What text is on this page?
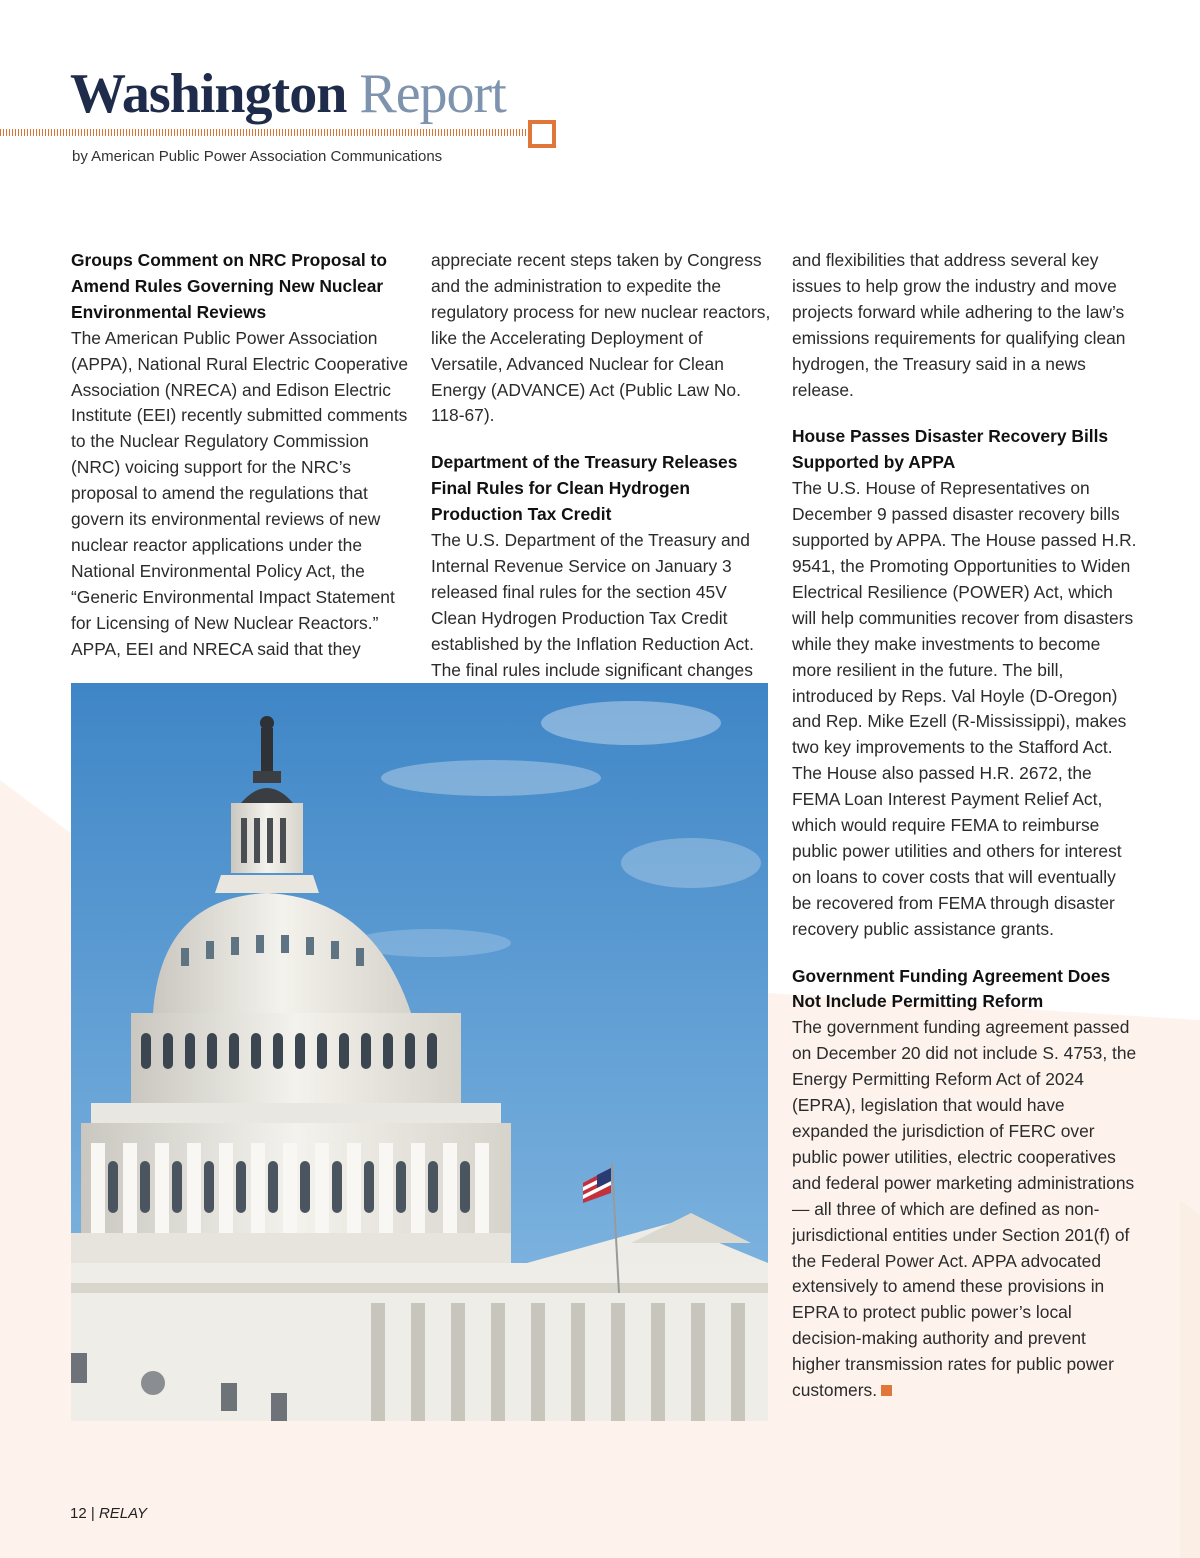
Washington Report
by American Public Power Association Communications
Groups Comment on NRC Proposal to Amend Rules Governing New Nuclear Environmental Reviews

The American Public Power Association (APPA), National Rural Electric Cooperative Association (NRECA) and Edison Electric Institute (EEI) recently submitted comments to the Nuclear Regulatory Commission (NRC) voicing support for the NRC’s proposal to amend the regulations that govern its environmental reviews of new nuclear reactor applications under the National Environmental Policy Act, the “Generic Environmental Impact Statement for Licensing of New Nuclear Reactors.” APPA, EEI and NRECA said that they

appreciate recent steps taken by Congress and the administration to expedite the regulatory process for new nuclear reactors, like the Accelerating Deployment of Versatile, Advanced Nuclear for Clean Energy (ADVANCE) Act (Public Law No. 118-67).

Department of the Treasury Releases Final Rules for Clean Hydrogen Production Tax Credit

The U.S. Department of the Treasury and Internal Revenue Service on January 3 released final rules for the section 45V Clean Hydrogen Production Tax Credit established by the Inflation Reduction Act. The final rules include significant changes

and flexibilities that address several key issues to help grow the industry and move projects forward while adhering to the law’s emissions requirements for qualifying clean hydrogen, the Treasury said in a news release.

House Passes Disaster Recovery Bills Supported by APPA

The U.S. House of Representatives on December 9 passed disaster recovery bills supported by APPA. The House passed H.R. 9541, the Promoting Opportunities to Widen Electrical Resilience (POWER) Act, which will help communities recover from disasters while they make investments to become more resilient in the future. The bill, introduced by Reps. Val Hoyle (D-Oregon) and Rep. Mike Ezell (R-Mississippi), makes two key improvements to the Stafford Act. The House also passed H.R. 2672, the FEMA Loan Interest Payment Relief Act, which would require FEMA to reimburse public power utilities and others for interest on loans to cover costs that will eventually be recovered from FEMA through disaster recovery public assistance grants.

Government Funding Agreement Does Not Include Permitting Reform

The government funding agreement passed on December 20 did not include S. 4753, the Energy Permitting Reform Act of 2024 (EPRA), legislation that would have expanded the jurisdiction of FERC over public power utilities, electric cooperatives and federal power marketing administrations — all three of which are defined as non-jurisdictional entities under Section 201(f) of the Federal Power Act. APPA advocated extensively to amend these provisions in EPRA to protect public power’s local decision-making authority and prevent higher transmission rates for public power customers.

12 | RELAY
